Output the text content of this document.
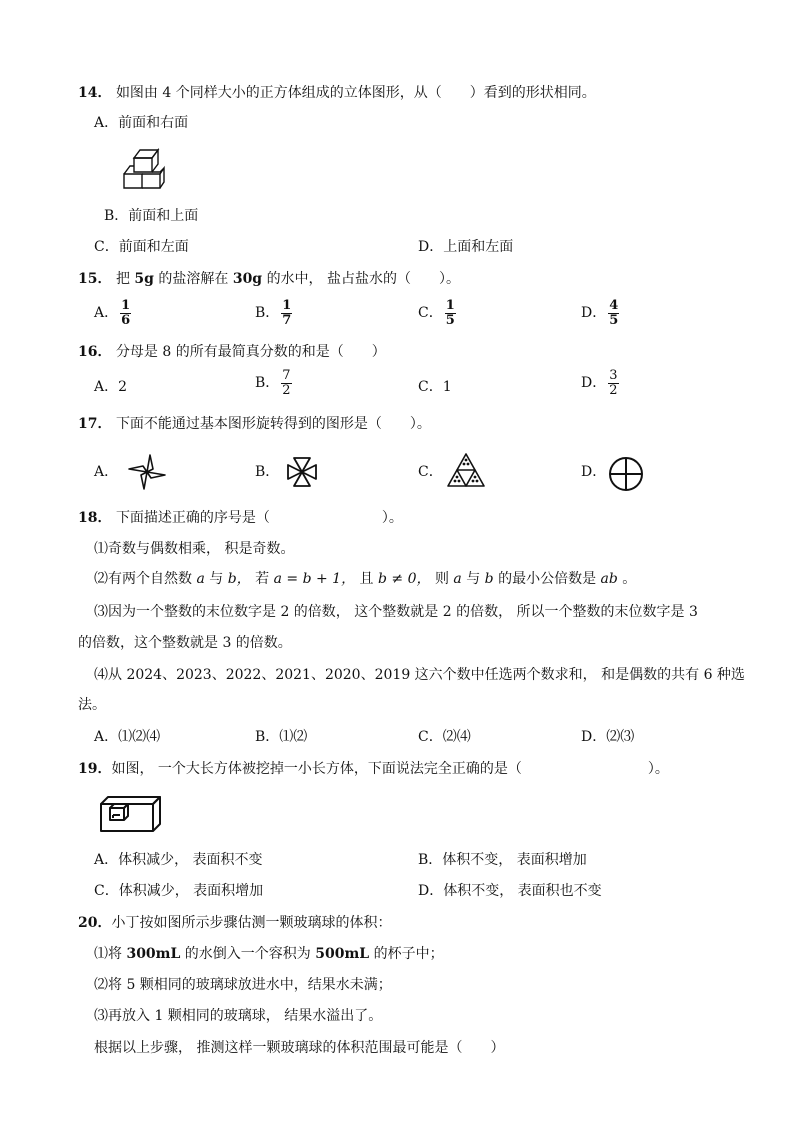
14． 如图由 4 个同样大小的正方体组成的立体图形，从（　　）看到的形状相同。
A．前面和右面
B．前面和上面
C．前面和左面	D．上面和左面
15． 把 5g 的盐溶解在 30g 的水中， 盐占盐水的（　　）。
A． $\frac{1}{6}$	B． $\frac{1}{7}$	C． $\frac{1}{5}$	D． $\frac{4}{5}$
16． 分母是 8 的所有最简真分数的和是（　　）
A．2	B． $\frac{7}{2}$	C．1	D． $\frac{3}{2}$
17． 下面不能通过基本图形旋转得到的图形是（　　）。
A．	B．	C．	D．
18． 下面描述正确的序号是（　　　　　　　　）。
⑴奇数与偶数相乘， 积是奇数。
⑵有两个自然数 a 与 b， 若 a = b + 1， 且 b ≠ 0， 则 a 与 b 的最小公倍数是 ab 。
⑶因为一个整数的末位数字是 2 的倍数， 这个整数就是 2 的倍数， 所以一个整数的末位数字是 3
的倍数，这个整数就是 3 的倍数。
⑷从 2024、2023、2022、2021、2020、2019 这六个数中任选两个数求和， 和是偶数的共有 6 种选
法。
A．⑴⑵⑷	B．⑴⑵	C．⑵⑷	D．⑵⑶
19．如图， 一个大长方体被挖掉一小长方体，下面说法完全正确的是（　　　　　　　　　）。
A．体积减少， 表面积不变	B．体积不变， 表面积增加
C．体积减少， 表面积增加	D．体积不变， 表面积也不变
20．小丁按如图所示步骤估测一颗玻璃球的体积：
⑴将 300mL 的水倒入一个容积为 500mL 的杯子中；
⑵将 5 颗相同的玻璃球放进水中，结果水未满；
⑶再放入 1 颗相同的玻璃球， 结果水溢出了。
根据以上步骤， 推测这样一颗玻璃球的体积范围最可能是（　　）
